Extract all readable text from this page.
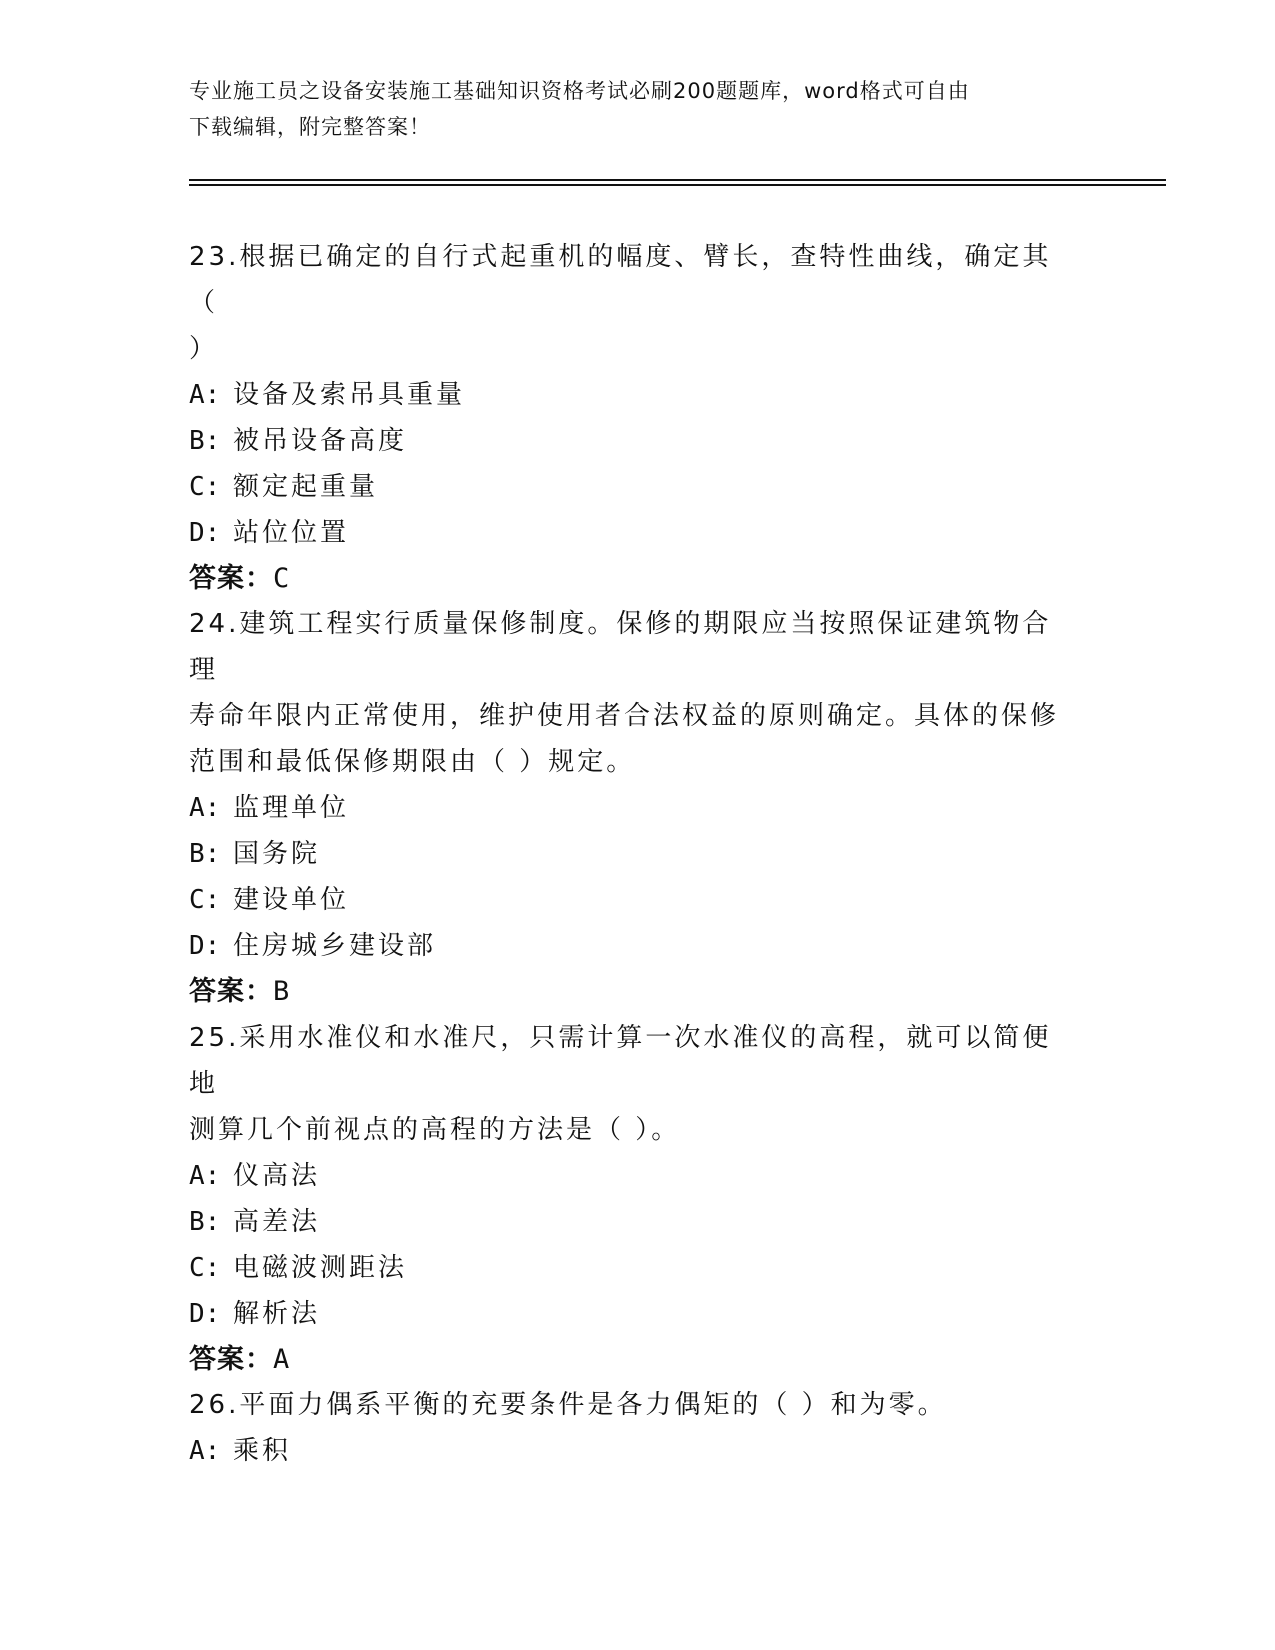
专业施工员之设备安装施工基础知识资格考试必刷200题题库，word格式可自由
下载编辑，附完整答案！

23.根据已确定的自行式起重机的幅度、臂长，查特性曲线，确定其（

）

A: 设备及索吊具重量

B: 被吊设备高度

C: 额定起重量

D: 站位位置

答案：C

24.建筑工程实行质量保修制度。保修的期限应当按照保证建筑物合理

寿命年限内正常使用，维护使用者合法权益的原则确定。具体的保修

范围和最低保修期限由（ ）规定。

A: 监理单位

B: 国务院

C: 建设单位

D: 住房城乡建设部

答案：B

25.采用水准仪和水准尺，只需计算一次水准仪的高程，就可以简便地

测算几个前视点的高程的方法是（ ）。

A: 仪高法

B: 高差法

C: 电磁波测距法

D: 解析法

答案：A

26.平面力偶系平衡的充要条件是各力偶矩的（ ）和为零。

A: 乘积
